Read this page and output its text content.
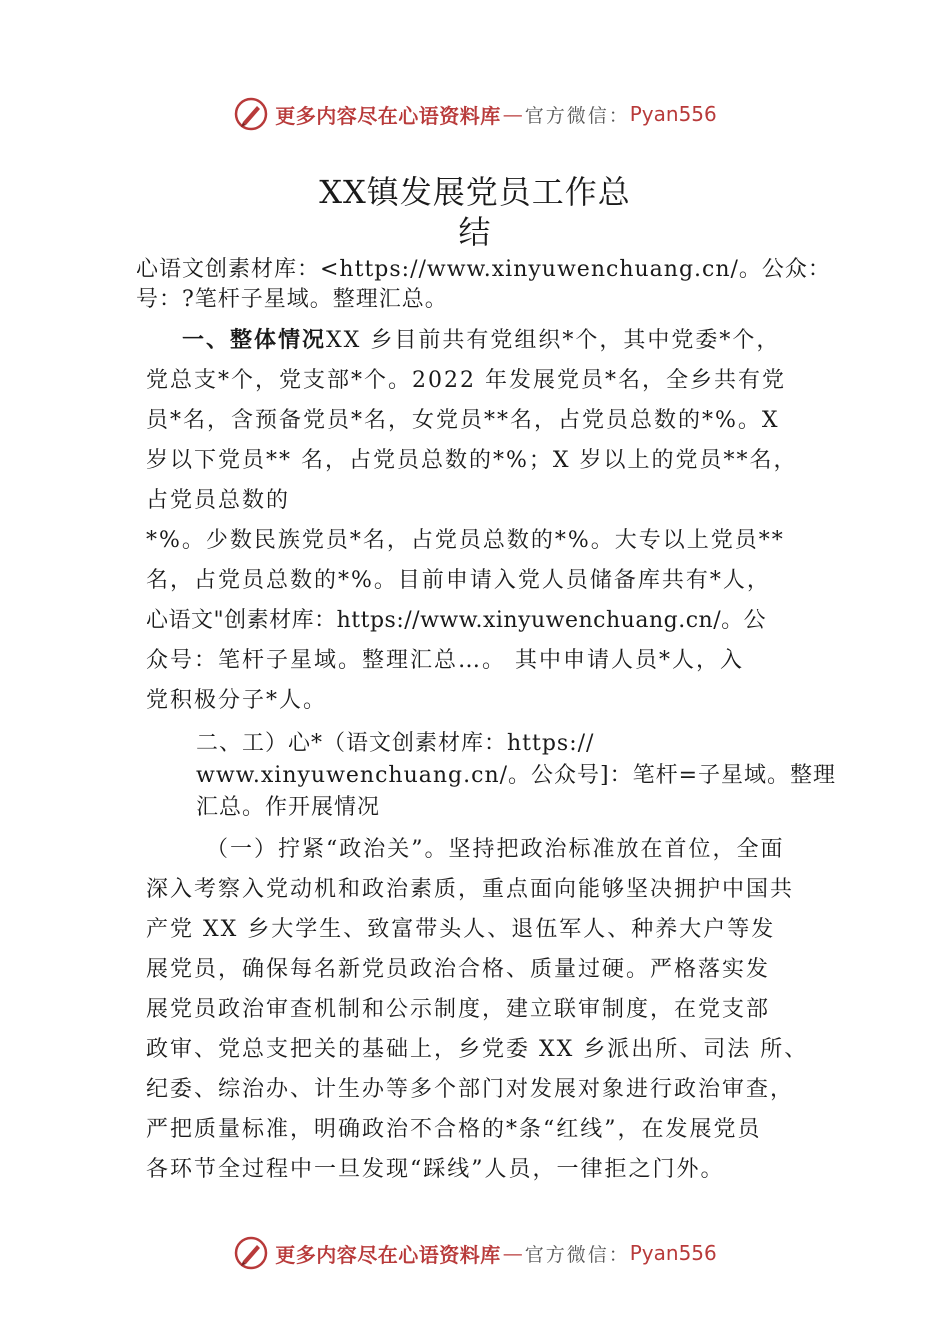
更多内容尽在心语资料库 — 官方微信： Pyan556
XX镇发展党员工作总
结
心语文创素材库：<https://www.xinyuwenchuang.cn/。公众：
号：?笔杆子星域。整理汇总。
一、整体情况XX 乡目前共有党组织*个，其中党委*个，
党总支*个，党支部*个。2022 年发展党员*名，全乡共有党
员*名，含预备党员*名，女党员**名，占党员总数的*%。X
岁以下党员** 名，占党员总数的*%；X 岁以上的党员**名，
占党员总数的
*%。少数民族党员*名，占党员总数的*%。大专以上党员**
名，占党员总数的*%。目前申请入党人员储备库共有*人，
心语文"创素材库：https://www.xinyuwenchuang.cn/。公
众号：笔杆子星域。整理汇总…。 其中申请人员*人，入
党积极分子*人。
二、工）心*（语文创素材库：https://
www.xinyuwenchuang.cn/。公众号]：笔杆=子星域。整理
汇总。作开展情况
（一）拧紧“政治关”。坚持把政治标准放在首位，全面
深入考察入党动机和政治素质，重点面向能够坚决拥护中国共
产党 XX 乡大学生、致富带头人、退伍军人、种养大户等发
展党员，确保每名新党员政治合格、质量过硬。严格落实发
展党员政治审查机制和公示制度，建立联审制度，在党支部
政审、党总支把关的基础上，乡党委 XX 乡派出所、司法 所、
纪委、综治办、计生办等多个部门对发展对象进行政治审查，
严把质量标准，明确政治不合格的*条“红线”，在发展党员
各环节全过程中一旦发现“踩线”人员，一律拒之门外。
更多内容尽在心语资料库 — 官方微信： Pyan556
